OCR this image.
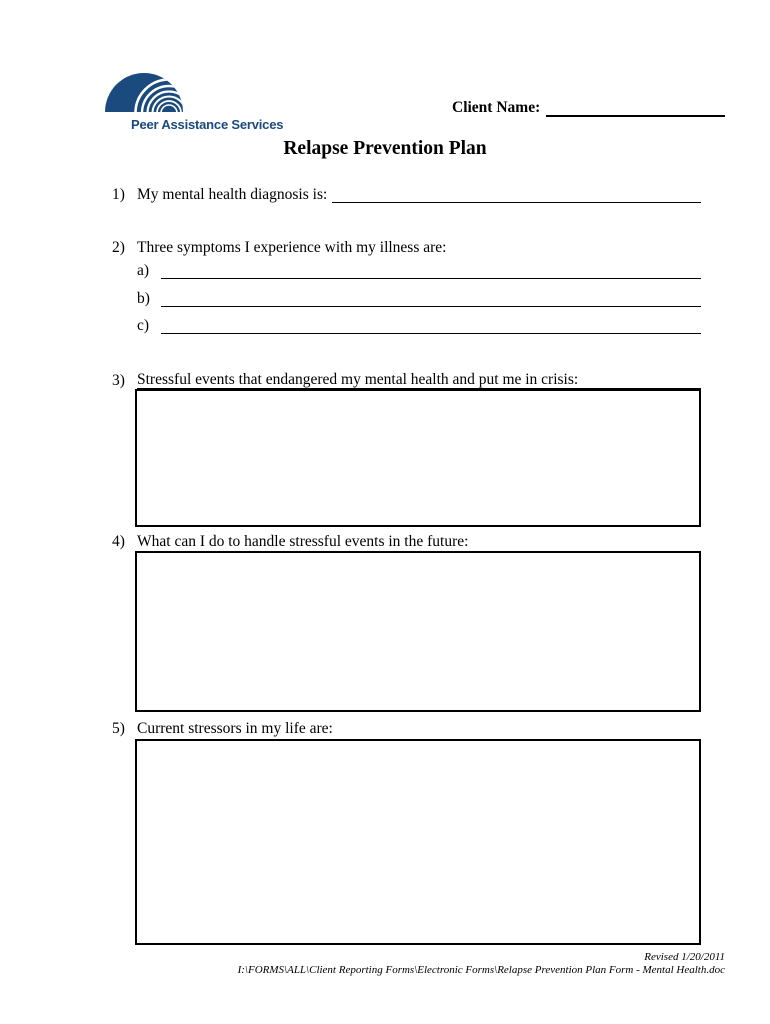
Peer Assistance Services
Client Name:
Relapse Prevention Plan
1) My mental health diagnosis is:
2) Three symptoms I experience with my illness are:
a)
b)
c)
3) Stressful events that endangered my mental health and put me in crisis:
4) What can I do to handle stressful events in the future:
5) Current stressors in my life are:
Revised 1/20/2011
I:\FORMS\ALL\Client Reporting Forms\Electronic Forms\Relapse Prevention Plan Form - Mental Health.doc
